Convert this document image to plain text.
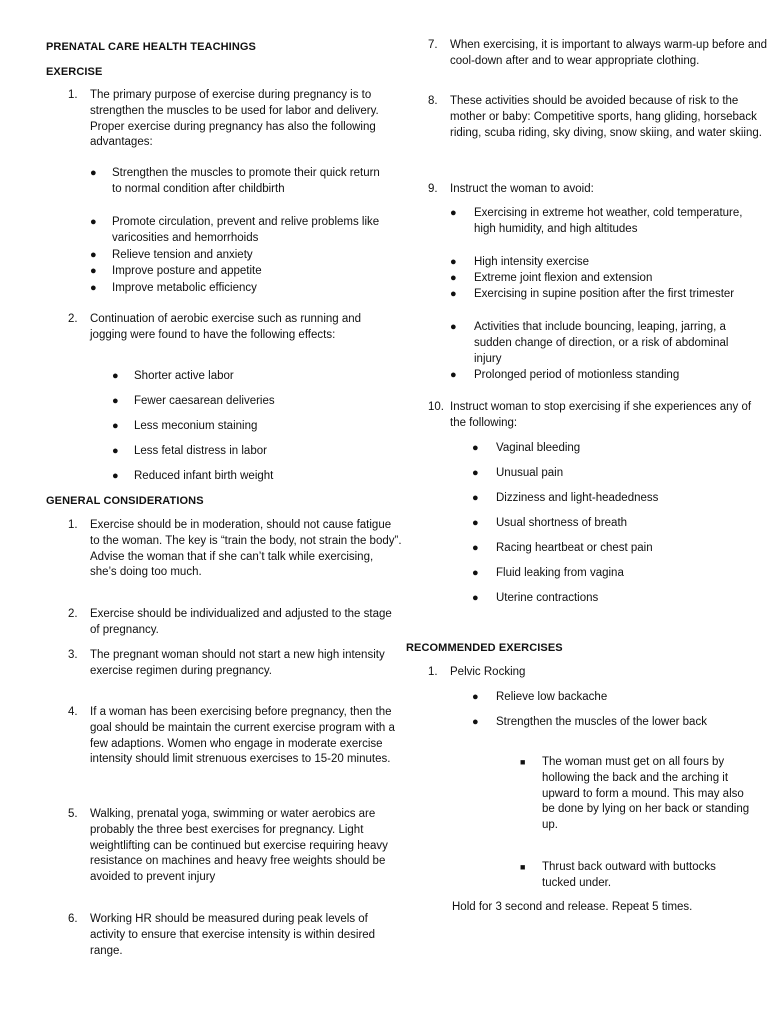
PRENATAL CARE HEALTH TEACHINGS
EXERCISE
1. The primary purpose of exercise during pregnancy is to strengthen the muscles to be used for labor and delivery. Proper exercise during pregnancy has also the following advantages:
● Strengthen the muscles to promote their quick return to normal condition after childbirth
● Promote circulation, prevent and relive problems like varicosities and hemorrhoids
● Relieve tension and anxiety
● Improve posture and appetite
● Improve metabolic efficiency
2. Continuation of aerobic exercise such as running and jogging were found to have the following effects:
● Shorter active labor
● Fewer caesarean deliveries
● Less meconium staining
● Less fetal distress in labor
● Reduced infant birth weight
GENERAL CONSIDERATIONS
1. Exercise should be in moderation, should not cause fatigue to the woman. The key is “train the body, not strain the body”. Advise the woman that if she can’t talk while exercising, she’s doing too much.
2. Exercise should be individualized and adjusted to the stage of pregnancy.
3. The pregnant woman should not start a new high intensity exercise regimen during pregnancy.
4. If a woman has been exercising before pregnancy, then the goal should be maintain the current exercise program with a few adaptions. Women who engage in moderate exercise intensity should limit strenuous exercises to 15-20 minutes.
5. Walking, prenatal yoga, swimming or water aerobics are probably the three best exercises for pregnancy. Light weightlifting can be continued but exercise requiring heavy resistance on machines and heavy free weights should be avoided to prevent injury
6. Working HR should be measured during peak levels of activity to ensure that exercise intensity is within desired range.
7. When exercising, it is important to always warm-up before and cool-down after and to wear appropriate clothing.
8. These activities should be avoided because of risk to the mother or baby: Competitive sports, hang gliding, horseback riding, scuba riding, sky diving, snow skiing, and water skiing.
9. Instruct the woman to avoid:
● Exercising in extreme hot weather, cold temperature, high humidity, and high altitudes
● High intensity exercise
● Extreme joint flexion and extension
● Exercising in supine position after the first trimester
● Activities that include bouncing, leaping, jarring, a sudden change of direction, or a risk of abdominal injury
● Prolonged period of motionless standing
10. Instruct woman to stop exercising if she experiences any of the following:
● Vaginal bleeding
● Unusual pain
● Dizziness and light-headedness
● Usual shortness of breath
● Racing heartbeat or chest pain
● Fluid leaking from vagina
● Uterine contractions
RECOMMENDED EXERCISES
1. Pelvic Rocking
● Relieve low backache
● Strengthen the muscles of the lower back
■ The woman must get on all fours by hollowing the back and the arching it upward to form a mound. This may also be done by lying on her back or standing up.
■ Thrust back outward with buttocks tucked under.
Hold for 3 second and release. Repeat 5 times.
